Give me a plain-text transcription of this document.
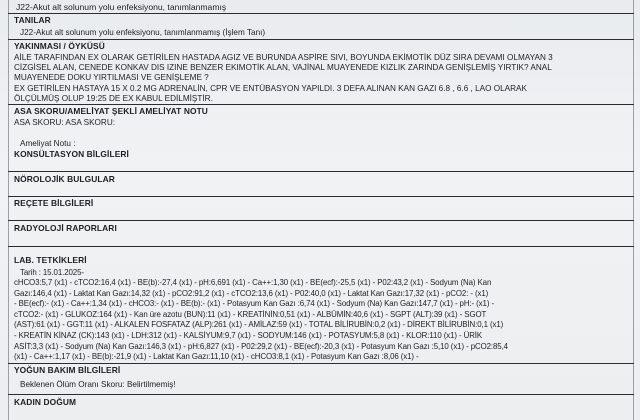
J22-Akut alt solunum yolu enfeksiyonu, tanımlanmamış
TANILAR
J22-Akut alt solunum yolu enfeksiyonu, tanımlanmamış (İşlem Tanı)
YAKINMASI / ÖYKÜSÜ
AİLE TARAFINDAN EX OLARAK GETİRİLEN HASTADA AGIZ VE BURUNDA ASPİRE SIVI, BOYUNDA EKİMOTİK DÜZ SIRA DEVAMI OLMAYAN 3
CİZGİSEL ALAN, CENEDE KONKAV DIS IZINE BENZER EKIMOTİK ALAN, VAJİNAL MUAYENEDE KIZLIK ZARINDA GENİŞLEMİŞ YIRTIK? ANAL
MUAYENEDE DOKU YIRTILMASI VE GENİŞLEME ?
EX GETİRİLEN HASTAYA 15 X 0.2 MG ADRENALİN, CPR VE ENTÜBASYON YAPILDI. 3 DEFA ALINAN KAN GAZI 6.8 , 6.6 , LAO OLARAK
ÖLÇÜLMÜŞ OLUP 19:25 DE EX KABUL EDİLMİŞTİR.
ASA SKORU/AMELİYAT ŞEKLİ AMELİYAT NOTU
ASA SKORU: ASA SKORU:
Ameliyat Notu :
KONSÜLTASYON BİLGİLERİ
NÖROLOJİK BULGULAR
REÇETE BİLGİLERİ
RADYOLOJİ RAPORLARI
LAB. TETKİKLERİ
Tarih : 15.01.2025-
cHCO3:5,7 (x1) - cTCO2:16,4 (x1) - BE(b):-27,4 (x1) - pH:6,691 (x1) - Ca++:1,30 (x1) - BE(ecf):-25,5 (x1) - P02:43,2 (x1) - Sodyum (Na) Kan
Gazı:146,4 (x1) - Laktat Kan Gazı:14,32 (x1) - pCO2:91,2 (x1) - cTCO2:13,6 (x1) - P02:40,0 (x1) - Laktat Kan Gazı:17,32 (x1) - pCO2: - (x1)
- BE(ecf):- (x1) - Ca++:1,34 (x1) - cHCO3:- (x1) - BE(b):- (x1) - Potasyum Kan Gazı :6,74 (x1) - Sodyum (Na) Kan Gazı:147,7 (x1) - pH:- (x1) -
cTCO2:- (x1) - GLUKOZ:164 (x1) - Kan üre azotu (BUN):11 (x1) - KREATİNİN:0,51 (x1) - ALBÜMİN:40,6 (x1) - SGPT (ALT):39 (x1) - SGOT
(AST):61 (x1) - GGT:11 (x1) - ALKALEN FOSFATAZ (ALP):261 (x1) - AMİLAZ:59 (x1) - TOTAL BİLİRUBİN:0,2 (x1) - DİREKT BİLİRUBİN:0,1 (x1)
- KREATİN KİNAZ (CK):143 (x1) - LDH:312 (x1) - KALSİYUM:9,7 (x1) - SODYUM:146 (x1) - POTASYUM:5,8 (x1) - KLOR:110 (x1) - ÜRİK
ASİT:3,3 (x1) - Sodyum (Na) Kan Gazı:146,3 (x1) - pH:6,827 (x1) - P02:29,2 (x1) - BE(ecf):-20,3 (x1) - Potasyum Kan Gazı :5,10 (x1) - pCO2:85,4
(x1) - Ca++:1,17 (x1) - BE(b):-21,9 (x1) - Laktat Kan Gazı:11,10 (x1) - cHCO3:8,1 (x1) - Potasyum Kan Gazı :8,06 (x1) -
YOĞUN BAKIM BİLGİLERİ
Beklenen Ölüm Oranı Skoru: Belirtilmemiş!
KADIN DOĞUM
